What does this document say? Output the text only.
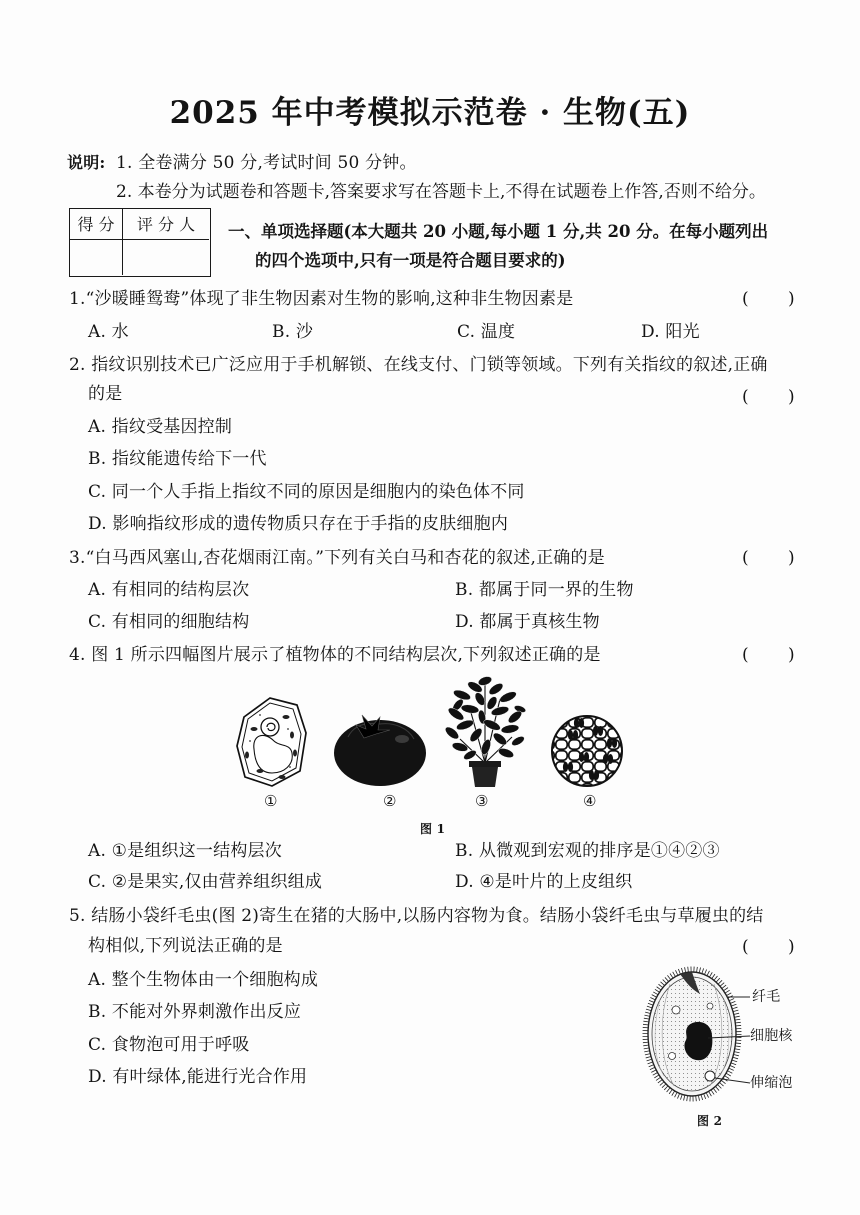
2025 年中考模拟示范卷 · 生物(五)
说明: 1. 全卷满分 50 分,考试时间 50 分钟。
2. 本卷分为试题卷和答题卡,答案要求写在答题卡上,不得在试题卷上作答,否则不给分。
得 分	评 分 人	一、单项选择题(本大题共 20 小题,每小题 1 分,共 20 分。在每小题列出
的四个选项中,只有一项是符合题目要求的)
1.“沙暖睡鸳鸯”体现了非生物因素对生物的影响,这种非生物因素是	(       )
A. 水	B. 沙	C. 温度	D. 阳光
2. 指纹识别技术已广泛应用于手机解锁、在线支付、门锁等领域。下列有关指纹的叙述,正确
的是	(       )
A. 指纹受基因控制
B. 指纹能遗传给下一代
C. 同一个人手指上指纹不同的原因是细胞内的染色体不同
D. 影响指纹形成的遗传物质只存在于手指的皮肤细胞内
3.“白马西风塞山,杏花烟雨江南。”下列有关白马和杏花的叙述,正确的是	(       )
A. 有相同的结构层次	B. 都属于同一界的生物
C. 有相同的细胞结构	D. 都属于真核生物
4. 图 1 所示四幅图片展示了植物体的不同结构层次,下列叙述正确的是	(       )
①	②	③	④
图 1
A. ①是组织这一结构层次	B. 从微观到宏观的排序是①④②③
C. ②是果实,仅由营养组织组成	D. ④是叶片的上皮组织
5. 结肠小袋纤毛虫(图 2)寄生在猪的大肠中,以肠内容物为食。结肠小袋纤毛虫与草履虫的结
构相似,下列说法正确的是	(       )
A. 整个生物体由一个细胞构成
B. 不能对外界刺激作出反应
C. 食物泡可用于呼吸
D. 有叶绿体,能进行光合作用
纤毛
细胞核
伸缩泡
图 2
